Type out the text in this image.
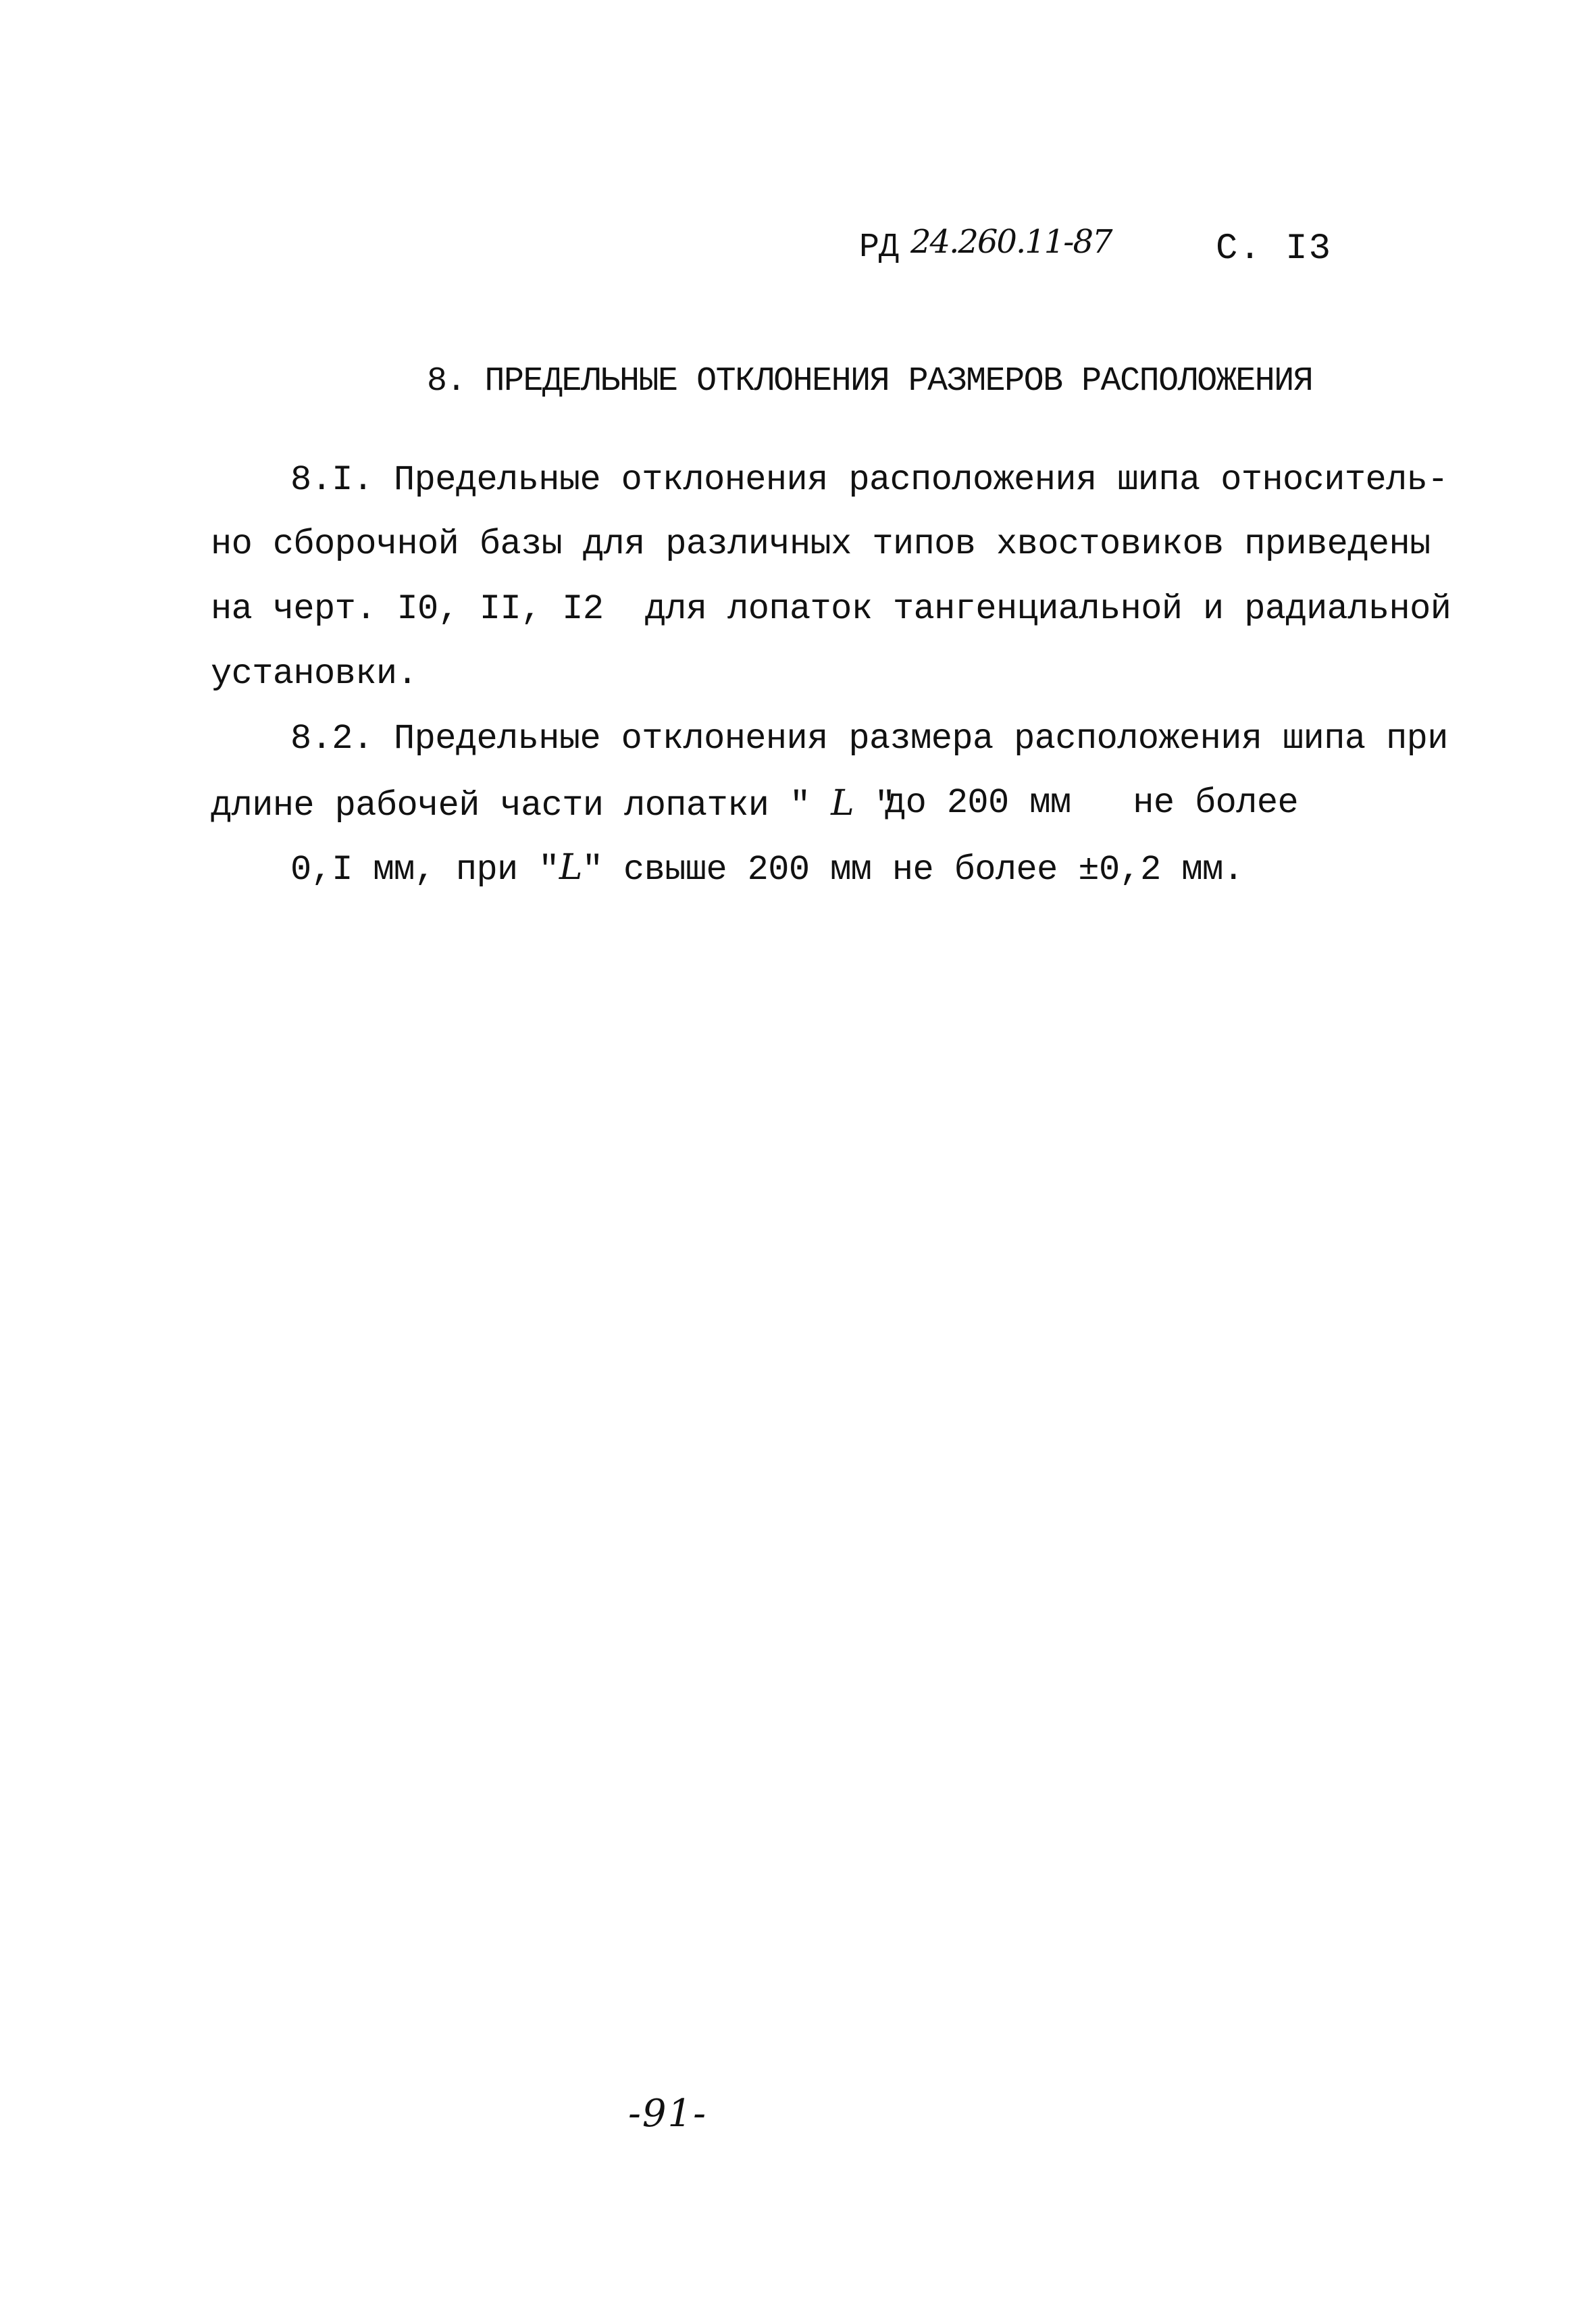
РД 24.260.11-87	С. I3
8. ПРЕДЕЛЬНЫЕ ОТКЛОНЕНИЯ РАЗМЕРОВ РАСПОЛОЖЕНИЯ
8.I. Предельные отклонения расположения шипа относитель-
но сборочной базы для различных типов хвостовиков приведены
на черт. I0, II, I2  для лопаток тангенциальной и радиальной
установки.
8.2. Предельные отклонения размера расположения шипа при
длине рабочей части лопатки " L "
до 200 мм   не более
0,I мм, при "L" свыше 200 мм не более ±0,2 мм.
-91-
